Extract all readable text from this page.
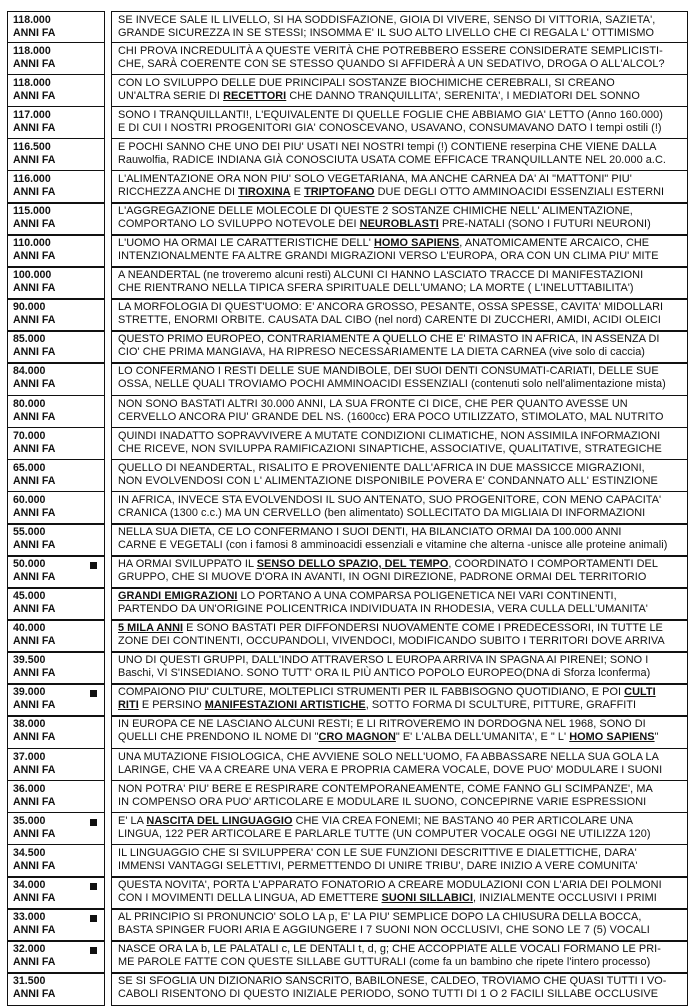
118.000
ANNI FA
SE INVECE SALE IL LIVELLO, SI HA SODDISFAZIONE, GIOIA DI VIVERE, SENSO DI VITTORIA, SAZIETA',
GRANDE SICUREZZA IN SE STESSI; INSOMMA E' IL SUO ALTO LIVELLO CHE CI REGALA L' OTTIMISMO
118.000
ANNI FA
CHI PROVA INCREDULITÀ A QUESTE VERITÀ CHE POTREBBERO ESSERE CONSIDERATE SEMPLICISTI-
CHE, SARÀ COERENTE CON SE STESSO QUANDO SI AFFIDERÀ A UN SEDATIVO, DROGA O ALL'ALCOL?
118.000
ANNI FA
CON LO SVILUPPO DELLE DUE PRINCIPALI SOSTANZE BIOCHIMICHE CEREBRALI, SI CREANO
UN'ALTRA SERIE DI RECETTORI CHE DANNO TRANQUILLITA', SERENITA', I MEDIATORI DEL SONNO
117.000
ANNI FA
SONO I TRANQUILLANTI!, L'EQUIVALENTE DI QUELLE FOGLIE CHE ABBIAMO GIA' LETTO (Anno 160.000)
E DI CUI I NOSTRI PROGENITORI GIA' CONOSCEVANO, USAVANO, CONSUMAVANO DATO I tempi ostili (!)
116.500
ANNI FA
E POCHI SANNO CHE UNO DEI PIU' USATI NEI NOSTRI tempi (!) CONTIENE reserpina CHE VIENE DALLA
Rauwolfia, RADICE INDIANA GIÀ CONOSCIUTA USATA COME EFFICACE TRANQUILLANTE NEL 20.000 a.C.
116.000
ANNI FA
L'ALIMENTAZIONE ORA NON PIU' SOLO VEGETARIANA, MA ANCHE CARNEA DA' AI "MATTONI" PIU'
RICCHEZZA ANCHE DI TIROXINA E TRIPTOFANO DUE DEGLI OTTO AMMINOACIDI ESSENZIALI ESTERNI
115.000
ANNI FA
L'AGGREGAZIONE DELLE MOLECOLE DI QUESTE 2 SOSTANZE CHIMICHE NELL' ALIMENTAZIONE,
COMPORTANO LO SVILUPPO NOTEVOLE DEI NEUROBLASTI PRE-NATALI (SONO I FUTURI NEURONI)
110.000
ANNI FA
L'UOMO HA ORMAI LE CARATTERISTICHE DELL' HOMO SAPIENS, ANATOMICAMENTE ARCAICO, CHE
INTENZIONALMENTE FA ALTRE GRANDI MIGRAZIONI VERSO L'EUROPA, ORA CON UN CLIMA PIU' MITE
100.000
ANNI FA
A NEANDERTAL (ne troveremo alcuni resti) ALCUNI CI HANNO LASCIATO TRACCE DI MANIFESTAZIONI
CHE RIENTRANO NELLA TIPICA SFERA SPIRITUALE DELL'UMANO; LA MORTE ( L'INELUTTABILITA')
90.000
ANNI FA
LA MORFOLOGIA DI QUEST'UOMO: E' ANCORA GROSSO, PESANTE, OSSA SPESSE, CAVITA' MIDOLLARI
STRETTE, ENORMI ORBITE. CAUSATA DAL CIBO (nel nord) CARENTE DI ZUCCHERI, AMIDI, ACIDI OLEICI
85.000
ANNI FA
QUESTO PRIMO EUROPEO, CONTRARIAMENTE A QUELLO CHE E' RIMASTO IN AFRICA, IN ASSENZA DI
CIO' CHE PRIMA MANGIAVA, HA RIPRESO NECESSARIAMENTE LA DIETA CARNEA (vive solo di caccia)
84.000
ANNI FA
LO CONFERMANO I RESTI DELLE SUE MANDIBOLE, DEI SUOI DENTI CONSUMATI-CARIATI, DELLE SUE
OSSA, NELLE QUALI TROVIAMO POCHI AMMINOACIDI ESSENZIALI (contenuti solo nell'alimentazione mista)
80.000
ANNI FA
NON SONO BASTATI ALTRI 30.000 ANNI, LA SUA FRONTE CI DICE, CHE PER QUANTO AVESSE UN
CERVELLO ANCORA PIU' GRANDE DEL NS. (1600cc) ERA POCO UTILIZZATO, STIMOLATO, MAL NUTRITO
70.000
ANNI FA
QUINDI INADATTO SOPRAVVIVERE A MUTATE CONDIZIONI CLIMATICHE, NON ASSIMILA INFORMAZIONI
CHE RICEVE, NON SVILUPPA RAMIFICAZIONI SINAPTICHE, ASSOCIATIVE, QUALITATIVE, STRATEGICHE
65.000
ANNI FA
QUELLO DI NEANDERTAL, RISALITO E PROVENIENTE DALL'AFRICA IN DUE MASSICCE MIGRAZIONI,
NON EVOLVENDOSI CON L' ALIMENTAZIONE DISPONIBILE POVERA E' CONDANNATO ALL' ESTINZIONE
60.000
ANNI FA
IN AFRICA, INVECE STA EVOLVENDOSI IL SUO ANTENATO, SUO PROGENITORE, CON MENO CAPACITA'
CRANICA (1300 c.c.) MA UN CERVELLO (ben alimentato) SOLLECITATO DA MIGLIAIA DI INFORMAZIONI
55.000
ANNI FA
NELLA SUA DIETA, CE LO CONFERMANO I SUOI DENTI, HA BILANCIATO ORMAI DA 100.000 ANNI
CARNE E VEGETALI (con i famosi 8 amminoacidi essenziali e vitamine che alterna -unisce alle proteine animali)
50.000
ANNI FA
HA ORMAI SVILUPPATO IL SENSO DELLO SPAZIO, DEL TEMPO, COORDINATO I COMPORTAMENTI DEL
GRUPPO, CHE SI MUOVE D'ORA IN AVANTI, IN OGNI DIREZIONE, PADRONE ORMAI DEL TERRITORIO
45.000
ANNI FA
GRANDI EMIGRAZIONI LO PORTANO A UNA COMPARSA POLIGENETICA NEI VARI CONTINENTI,
PARTENDO DA UN'ORIGINE POLICENTRICA INDIVIDUATA IN RHODESIA, VERA CULLA DELL'UMANITA'
40.000
ANNI FA
5 MILA ANNI E SONO BASTATI PER DIFFONDERSI NUOVAMENTE COME I PREDECESSORI, IN TUTTE LE
ZONE DEI CONTINENTI, OCCUPANDOLI, VIVENDOCI, MODIFICANDO SUBITO I TERRITORI DOVE ARRIVA
39.500
ANNI FA
UNO DI QUESTI GRUPPI, DALL'INDO ATTRAVERSO L EUROPA ARRIVA IN SPAGNA AI PIRENEI; SONO I
Baschi, VI S'INSEDIANO. SONO TUTT' ORA IL PIÙ ANTICO POPOLO EUROPEO(DNA di Sforza lconferma)
39.000
ANNI FA
COMPAIONO PIU' CULTURE, MOLTEPLICI STRUMENTI PER IL FABBISOGNO QUOTIDIANO, E POI CULTI
RITI E PERSINO MANIFESTAZIONI ARTISTICHE, SOTTO FORMA DI SCULTURE, PITTURE, GRAFFITI
38.000
ANNI FA
IN EUROPA CE NE LASCIANO ALCUNI RESTI; E LI RITROVEREMO IN DORDOGNA NEL 1968, SONO DI
QUELLI CHE PRENDONO IL NOME DI "CRO MAGNON" E' L'ALBA DELL'UMANITA', E " L' HOMO SAPIENS"
37.000
ANNI FA
UNA MUTAZIONE FISIOLOGICA, CHE AVVIENE SOLO NELL'UOMO, FA ABBASSARE NELLA SUA GOLA LA
LARINGE, CHE VA A CREARE UNA VERA E PROPRIA CAMERA VOCALE, DOVE PUO' MODULARE I SUONI
36.000
ANNI FA
NON POTRA' PIU' BERE E RESPIRARE CONTEMPORANEAMENTE, COME FANNO GLI SCIMPANZE', MA
IN COMPENSO ORA PUO' ARTICOLARE E MODULARE IL SUONO, CONCEPIRNE VARIE ESPRESSIONI
35.000
ANNI FA
E' LA NASCITA DEL LINGUAGGIO CHE VIA CREA FONEMI; NE BASTANO 40 PER ARTICOLARE UNA
LINGUA, 122 PER ARTICOLARE E PARLARLE TUTTE (UN COMPUTER VOCALE OGGI NE UTILIZZA 120)
34.500
ANNI FA
IL LINGUAGGIO CHE SI SVILUPPERA' CON LE SUE FUNZIONI DESCRITTIVE E DIALETTICHE, DARA'
IMMENSI VANTAGGI SELETTIVI, PERMETTENDO DI UNIRE TRIBU', DARE INIZIO A VERE COMUNITA'
34.000
ANNI FA
QUESTA NOVITA', PORTA L'APPARATO FONATORIO A CREARE MODULAZIONI CON L'ARIA DEI POLMONI
CON I MOVIMENTI DELLA LINGUA, AD EMETTERE SUONI SILLABICI, INIZIALMENTE OCCLUSIVI I PRIMI
33.000
ANNI FA
AL PRINCIPIO SI PRONUNCIO' SOLO LA p, E' LA PIU' SEMPLICE DOPO LA CHIUSURA DELLA BOCCA,
BASTA SPINGER FUORI ARIA E AGGIUNGERE I 7 SUONI NON OCCLUSIVI, CHE SONO LE 7 (5) VOCALI
32.000
ANNI FA
NASCE ORA LA b, LE PALATALI c, LE DENTALI t, d, g; CHE ACCOPPIATE ALLE VOCALI FORMANO LE PRI-
ME PAROLE FATTE CON QUESTE SILLABE GUTTURALI (come fa un bambino che ripete l'intero processo)
31.500
ANNI FA
SE SI SFOGLIA UN DIZIONARIO SANSCRITO, BABILONESE, CALDEO, TROVIAMO CHE QUASI TUTTI I VO-
CABOLI RISENTONO DI QUESTO INIZIALE PERIODO, SONO TUTTI DI 1 O 2 FACILI SILLABE OCCLUSIVE
